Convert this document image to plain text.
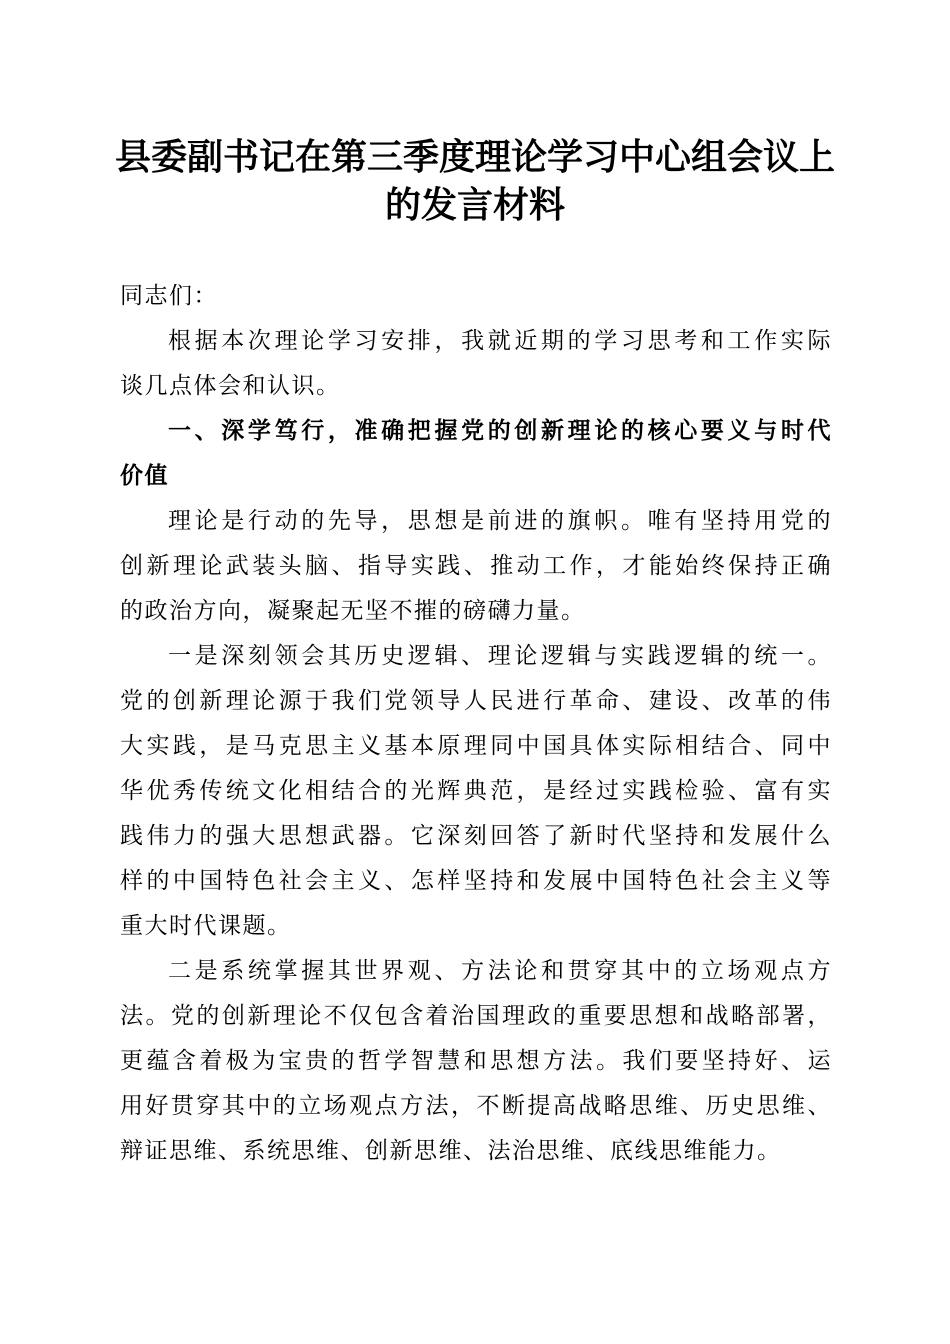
县委副书记在第三季度理论学习中心组会议上
的发言材料
同志们：
根据本次理论学习安排，我就近期的学习思考和工作实际
谈几点体会和认识。
一、深学笃行，准确把握党的创新理论的核心要义与时代
价值
理论是行动的先导，思想是前进的旗帜。唯有坚持用党的
创新理论武装头脑、指导实践、推动工作，才能始终保持正确
的政治方向，凝聚起无坚不摧的磅礴力量。
一是深刻领会其历史逻辑、理论逻辑与实践逻辑的统一。
党的创新理论源于我们党领导人民进行革命、建设、改革的伟
大实践，是马克思主义基本原理同中国具体实际相结合、同中
华优秀传统文化相结合的光辉典范，是经过实践检验、富有实
践伟力的强大思想武器。它深刻回答了新时代坚持和发展什么
样的中国特色社会主义、怎样坚持和发展中国特色社会主义等
重大时代课题。
二是系统掌握其世界观、方法论和贯穿其中的立场观点方
法。党的创新理论不仅包含着治国理政的重要思想和战略部署，
更蕴含着极为宝贵的哲学智慧和思想方法。我们要坚持好、运
用好贯穿其中的立场观点方法，不断提高战略思维、历史思维、
辩证思维、系统思维、创新思维、法治思维、底线思维能力。
